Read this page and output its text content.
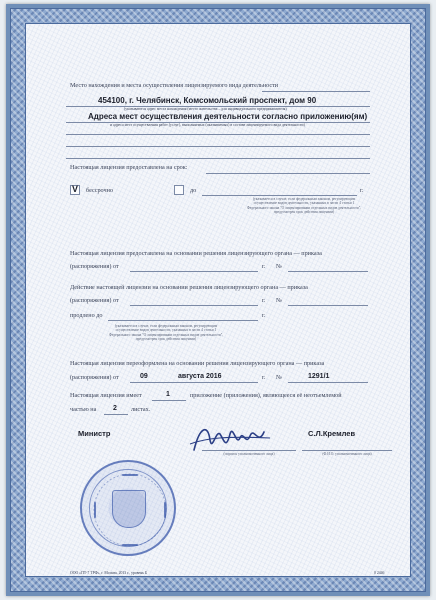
Место нахождения и места осуществления лицензируемого вида деятельности
454100, г. Челябинск, Комсомольский проспект, дом 90
(указываются адрес места нахождения (место жительства – для индивидуального предпринимателя)
Адреса мест осуществления деятельности согласно приложению(ям)
и адреса мест осуществления работ (услуг), выполняемых (оказываемых) в составе лицензируемого вида деятельности)
Настоящая лицензия предоставлена на срок:
V бессрочно	до	г.
(указывается в случае, если федеральным законом, регулирующим осуществление видов деятельности, указанных в части 4 статьи 1 Федерального закона "О лицензировании отдельных видов деятельности", предусмотрен срок действия лицензии)
Настоящая лицензия предоставлена на основании решения лицензирующего органа — приказа
(распоряжения) от	г. №
Действие настоящей лицензии на основании решения лицензирующего органа — приказа
(распоряжения) от	г. №
продлено до	г.
(указывается в случае, если федеральным законом, регулирующим осуществление видов деятельности, указанных в части 4 статьи 1 Федерального закона "О лицензировании отдельных видов деятельности", предусмотрен срок действия лицензии)
Настоящая лицензия переоформлена на основании решения лицензирующего органа — приказа
(распоряжения) от	09	августа 2016	г. №	1291/1
Настоящая лицензия имеет	1	приложение (приложения), являющееся её неотъемлемой
частью на 2 листах.
Министр	С.Л.Кремлев
(подпись уполномоченного лица)	(Ф.И.О. уполномоченного лица)
ООО «ПТ-7 ТРФ», г. Москва, 2013 г., уровень Б	0 2446
